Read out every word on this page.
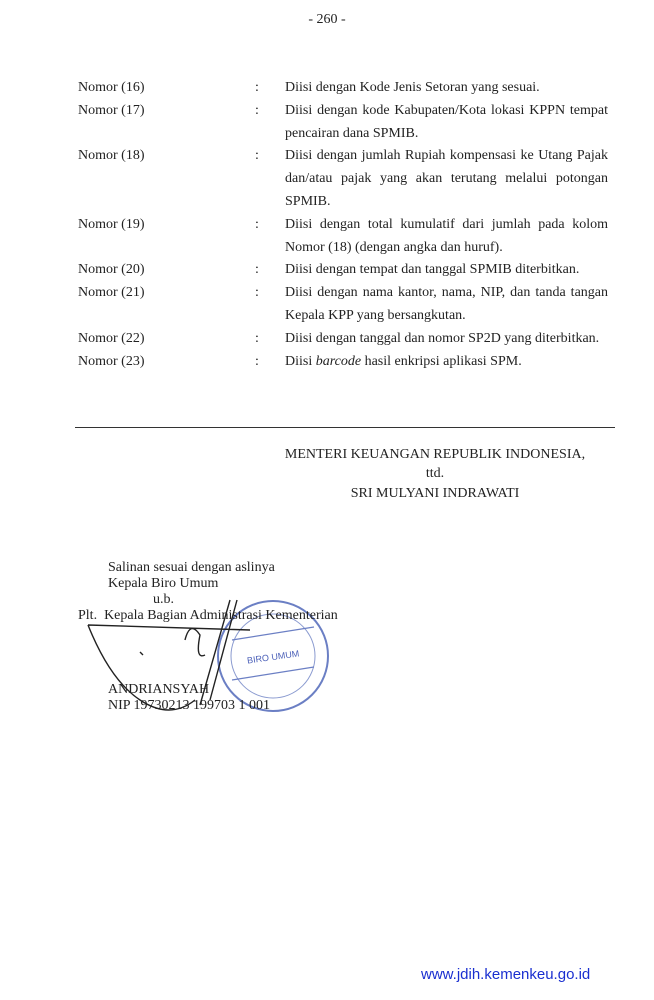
- 260 -
Nomor (16)	:	Diisi dengan Kode Jenis Setoran yang sesuai.
Nomor (17)	:	Diisi dengan kode Kabupaten/Kota lokasi KPPN tempat pencairan dana SPMIB.
Nomor (18)	:	Diisi dengan jumlah Rupiah kompensasi ke Utang Pajak dan/atau pajak yang akan terutang melalui potongan SPMIB.
Nomor (19)	:	Diisi dengan total kumulatif dari jumlah pada kolom Nomor (18) (dengan angka dan huruf).
Nomor (20)	:	Diisi dengan tempat dan tanggal SPMIB diterbitkan.
Nomor (21)	:	Diisi dengan nama kantor, nama, NIP, dan tanda tangan Kepala KPP yang bersangkutan.
Nomor (22)	:	Diisi dengan tanggal dan nomor SP2D yang diterbitkan.
Nomor (23)	:	Diisi barcode hasil enkripsi aplikasi SPM.
MENTERI KEUANGAN REPUBLIK INDONESIA,
ttd.
SRI MULYANI INDRAWATI
BIRO UMUM
Salinan sesuai dengan aslinya
Kepala Biro Umum
u.b.
Plt.  Kepala Bagian Administrasi Kementerian
ANDRIANSYAH
NIP 19730213 199703 1 001
www.jdih.kemenkeu.go.id
